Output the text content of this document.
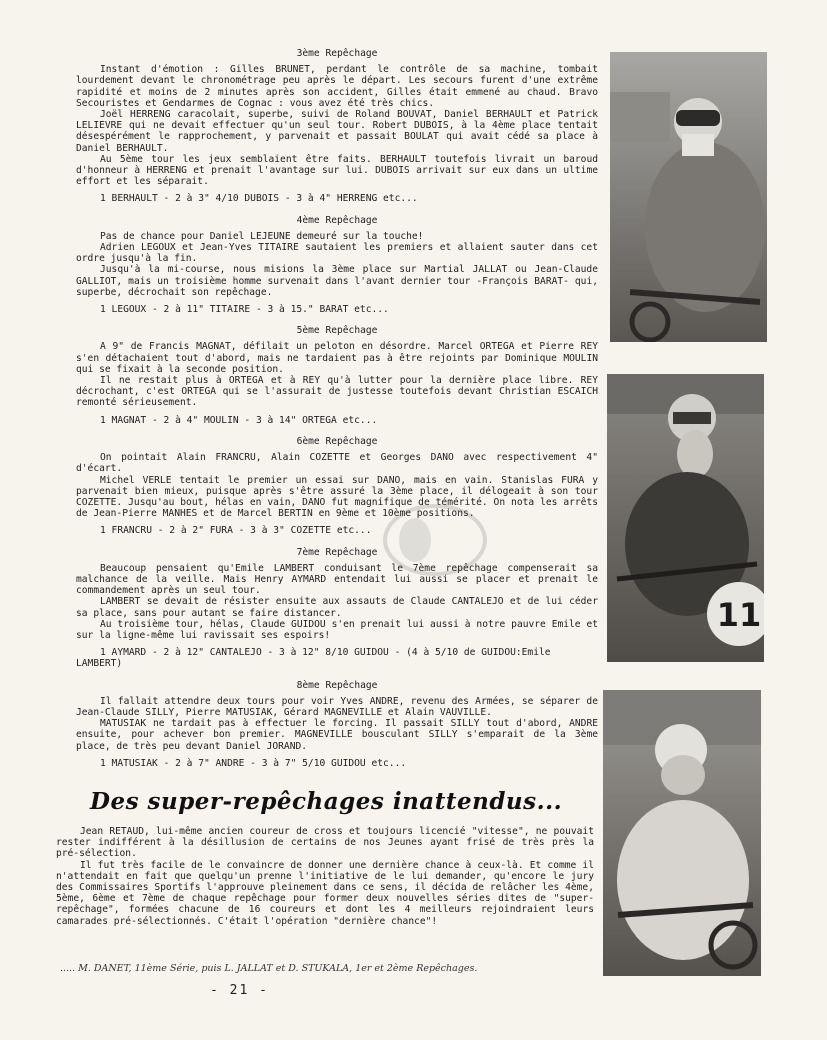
3ème Repêchage

Instant d'émotion : Gilles BRUNET, perdant le contrôle de sa machine, tombait lourdement devant le chronométrage peu après le départ. Les secours furent d'une extrême rapidité et moins de 2 minutes après son accident, Gilles était emmené au chaud. Bravo Secouristes et Gendarmes de Cognac : vous avez été très chics.

Joël HERRENG caracolait, superbe, suivi de Roland BOUVAT, Daniel BERHAULT et Patrick LELIEVRE qui ne devait effectuer qu'un seul tour. Robert DUBOIS, à la 4ème place tentait désespérément le rapprochement, y parvenait et passait BOULAT qui avait cédé sa place à Daniel BERHAULT.

Au 5ème tour les jeux semblaient être faits. BERHAULT toutefois livrait un baroud d'honneur à HERRENG et prenait l'avantage sur lui. DUBOIS arrivait sur eux dans un ultime effort et les séparait.

1 BERHAULT - 2 à 3" 4/10 DUBOIS - 3 à 4" HERRENG etc...
4ème Repêchage

Pas de chance pour Daniel LEJEUNE demeuré sur la touche!

Adrien LEGOUX et Jean-Yves TITAIRE sautaient les premiers et allaient sauter dans cet ordre jusqu'à la fin.

Jusqu'à la mi-course, nous misions la 3ème place sur Martial JALLAT ou Jean-Claude GALLIOT, mais un troisième homme survenait dans l'avant dernier tour -François BARAT- qui, superbe, décrochait son repêchage.

1 LEGOUX - 2 à 11" TITAIRE - 3 à 15." BARAT etc...
5ème Repêchage

A 9" de Francis MAGNAT, défilait un peloton en désordre. Marcel ORTEGA et Pierre REY s'en détachaient tout d'abord, mais ne tardaient pas à être rejoints par Dominique MOULIN qui se fixait à la seconde position.

Il ne restait plus à ORTEGA et à REY qu'à lutter pour la dernière place libre. REY décrochant, c'est ORTEGA qui se l'assurait de justesse toutefois devant Christian ESCAICH remonté sérieusement.

1 MAGNAT - 2 à 4" MOULIN - 3 à 14" ORTEGA etc...
6ème Repêchage

On pointait Alain FRANCRU, Alain COZETTE et Georges DANO avec respectivement 4" d'écart.

Michel VERLE tentait le premier un essai sur DANO, mais en vain. Stanislas FURA y parvenait bien mieux, puisque après s'être assuré la 3ème place, il délogeait à son tour COZETTE. Jusqu'au bout, hélas en vain, DANO fut magnifique de témérité. On nota les arrêts de Jean-Pierre MANHES et de Marcel BERTIN en 9ème et 10ème positions.

1 FRANCRU - 2 à 2" FURA - 3 à 3" COZETTE etc...
7ème Repêchage

Beaucoup pensaient qu'Emile LAMBERT conduisant le 7ème repêchage compenserait sa malchance de la veille. Mais Henry AYMARD entendait lui aussi se placer et prenait le commandement après un seul tour.

LAMBERT se devait de résister ensuite aux assauts de Claude CANTALEJO et de lui céder sa place, sans pour autant se faire distancer.

Au troisième tour, hélas, Claude GUIDOU s'en prenait lui aussi à notre pauvre Emile et sur la ligne-même lui ravissait ses espoirs!

1 AYMARD - 2 à 12" CANTALEJO - 3 à 12" 8/10 GUIDOU - (4 à 5/10 de GUIDOU:Emile LAMBERT)
8ème Repêchage

Il fallait attendre deux tours pour voir Yves ANDRE, revenu des Armées, se séparer de Jean-Claude SILLY, Pierre MATUSIAK, Gérard MAGNEVILLE et Alain VAUVILLE.

MATUSIAK ne tardait pas à effectuer le forcing. Il passait SILLY tout d'abord, ANDRE ensuite, pour achever bon premier. MAGNEVILLE bousculant SILLY s'emparait de la 3ème place, de très peu devant Daniel JORAND.

1 MATUSIAK - 2 à 7" ANDRE - 3 à 7" 5/10 GUIDOU etc...
Des super-repêchages inattendus...

Jean RETAUD, lui-même ancien coureur de cross et toujours licencié "vitesse", ne pouvait rester indifférent à la désillusion de certains de nos Jeunes ayant frisé de très près la pré-sélection.

Il fut très facile de le convaincre de donner une dernière chance à ceux-là. Et comme il n'attendait en fait que quelqu'un prenne l'initiative de le lui demander, qu'encore le jury des Commissaires Sportifs l'approuve pleinement dans ce sens, il décida de relâcher les 4ème, 5ème, 6ème et 7ème de chaque repêchage pour former deux nouvelles séries dites de "super-repêchage", formées chacune de 16 coureurs et dont les 4 meilleurs rejoindraient leurs camarades pré-sélectionnés. C'était l'opération "dernière chance"!

..... M. DANET, 11ème Série, puis L. JALLAT et D. STUKALA, 1er et 2ème Repêchages.
- 21 -
11
